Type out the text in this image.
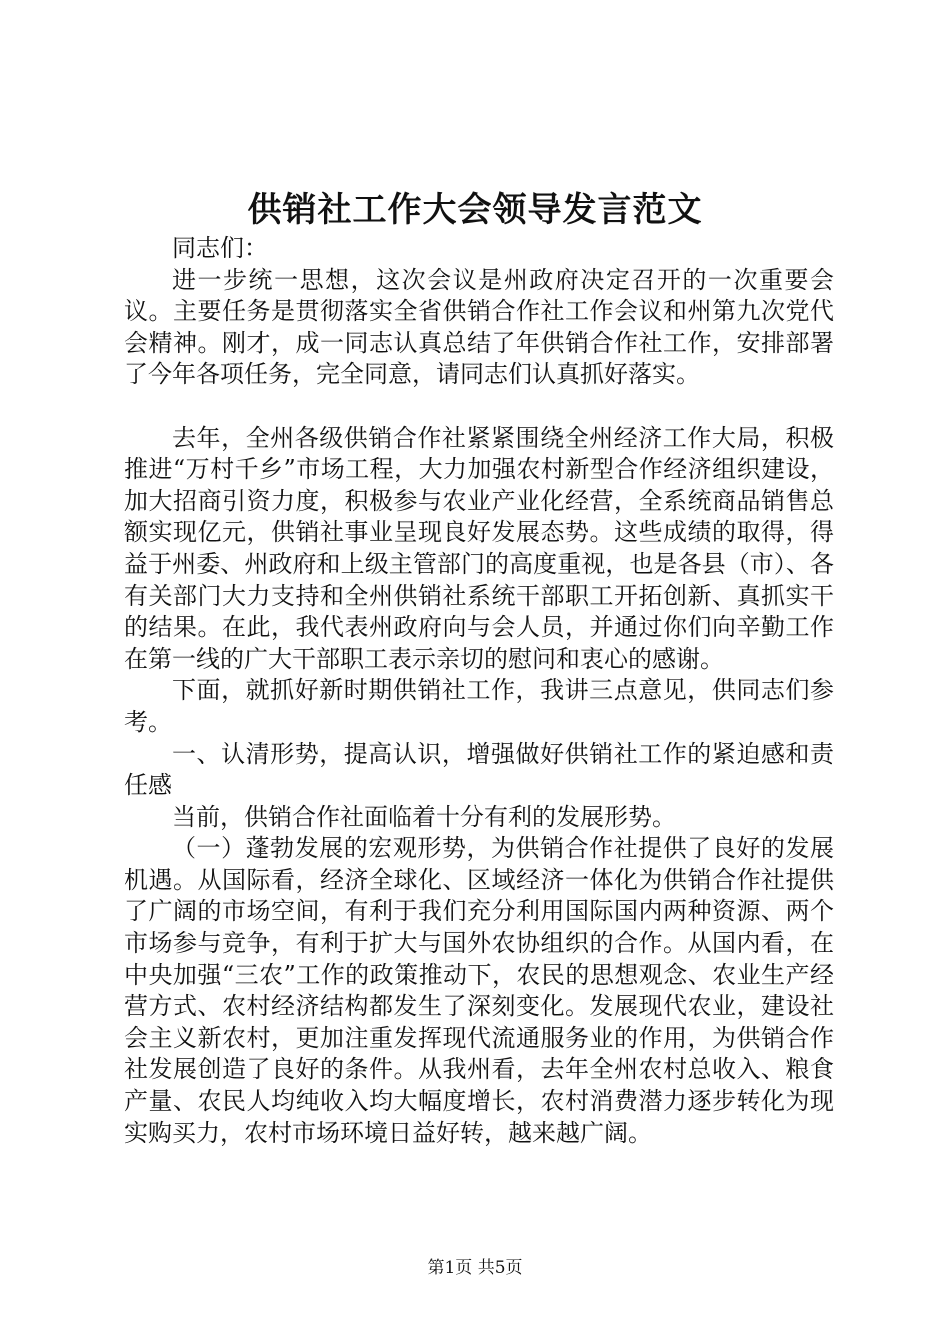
供销社工作大会领导发言范文

同志们：

进一步统一思想，这次会议是州政府决定召开的一次重要会议。主要任务是贯彻落实全省供销合作社工作会议和州第九次党代会精神。刚才，成一同志认真总结了年供销合作社工作，安排部署了今年各项任务，完全同意，请同志们认真抓好落实。

去年，全州各级供销合作社紧紧围绕全州经济工作大局，积极推进“万村千乡”市场工程，大力加强农村新型合作经济组织建设，加大招商引资力度，积极参与农业产业化经营，全系统商品销售总额实现亿元，供销社事业呈现良好发展态势。这些成绩的取得，得益于州委、州政府和上级主管部门的高度重视，也是各县（市）、各有关部门大力支持和全州供销社系统干部职工开拓创新、真抓实干的结果。在此，我代表州政府向与会人员，并通过你们向辛勤工作在第一线的广大干部职工表示亲切的慰问和衷心的感谢。

下面，就抓好新时期供销社工作，我讲三点意见，供同志们参考。

一、认清形势，提高认识，增强做好供销社工作的紧迫感和责任感

当前，供销合作社面临着十分有利的发展形势。

（一）蓬勃发展的宏观形势，为供销合作社提供了良好的发展机遇。从国际看，经济全球化、区域经济一体化为供销合作社提供了广阔的市场空间，有利于我们充分利用国际国内两种资源、两个市场参与竞争，有利于扩大与国外农协组织的合作。从国内看，在中央加强“三农”工作的政策推动下，农民的思想观念、农业生产经营方式、农村经济结构都发生了深刻变化。发展现代农业，建设社会主义新农村，更加注重发挥现代流通服务业的作用，为供销合作社发展创造了良好的条件。从我州看，去年全州农村总收入、粮食产量、农民人均纯收入均大幅度增长，农村消费潜力逐步转化为现实购买力，农村市场环境日益好转，越来越广阔。

第1页 共5页
